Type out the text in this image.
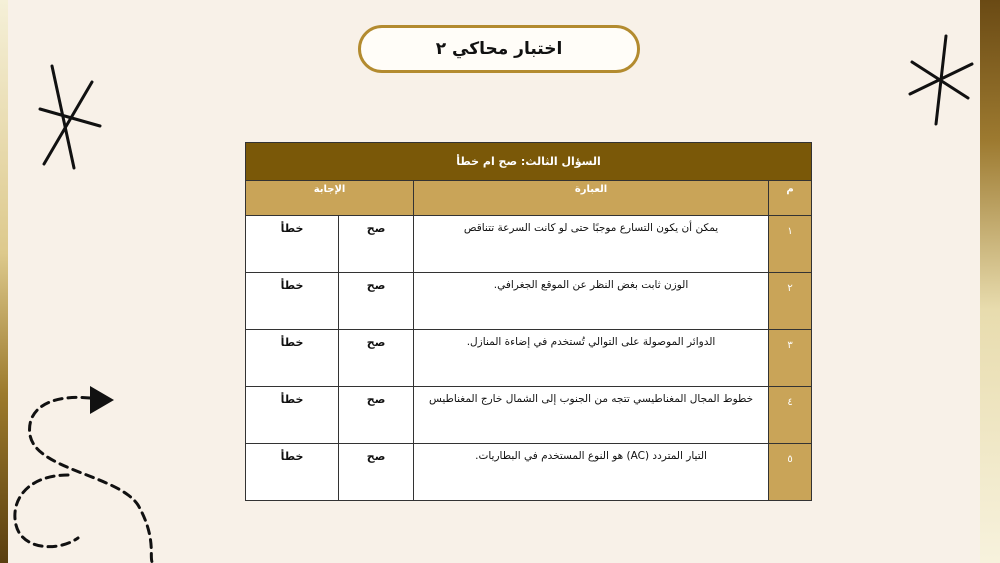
اختبار محاكي ٢
السؤال الثالث: صح ام خطأ			
م	العبارة	الإجابة	
١	يمكن أن يكون التسارع موجبًا حتى لو كانت السرعة تتناقص	صح	خطأ
٢	الوزن ثابت بغض النظر عن الموقع الجغرافي.	صح	خطأ
٣	الدوائر الموصولة على التوالي تُستخدم في إضاءة المنازل.	صح	خطأ
٤	خطوط المجال المغناطيسي تتجه من الجنوب إلى الشمال خارج المغناطيس	صح	خطأ
٥	التيار المتردد (AC) هو النوع المستخدم في البطاريات.	صح	خطأ
